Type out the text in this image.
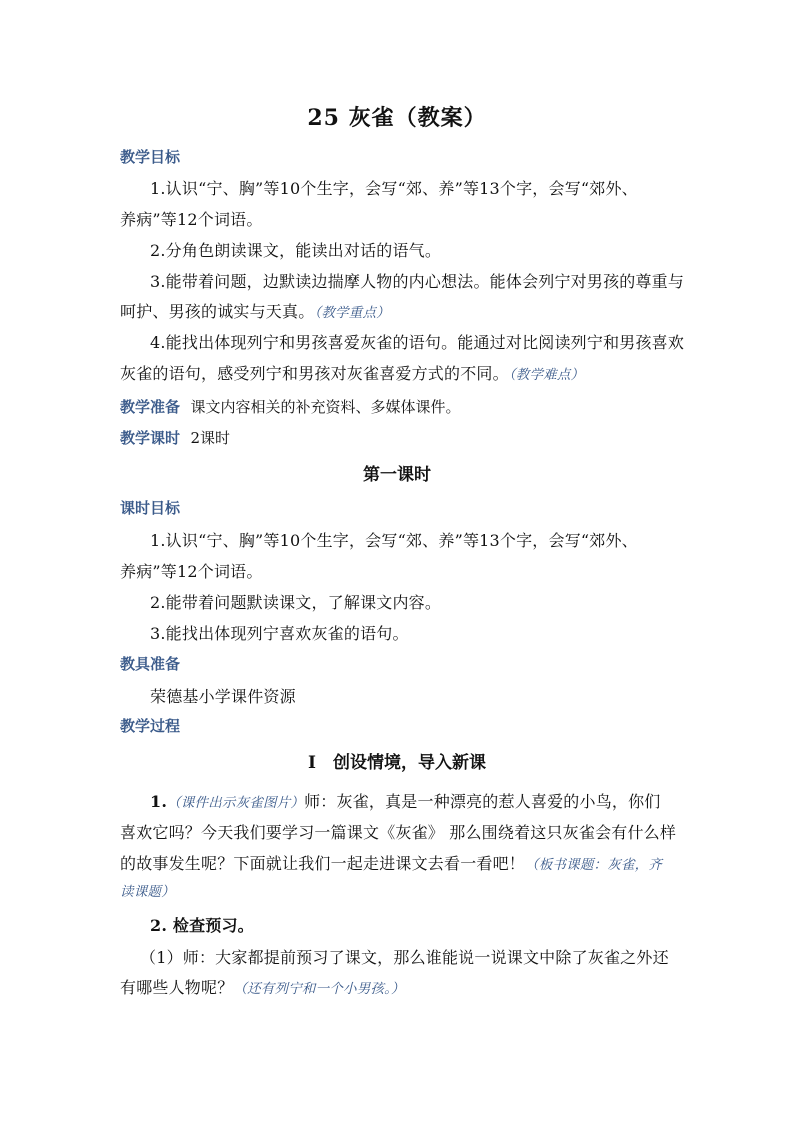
25 灰雀（教案）
教学目标
1.认识“宁、胸”等10个生字，会写“郊、养”等13个字，会写“郊外、
养病”等12个词语。
2.分角色朗读课文，能读出对话的语气。
3.能带着问题，边默读边揣摩人物的内心想法。能体会列宁对男孩的尊重与
呵护、男孩的诚实与天真。（教学重点）
4.能找出体现列宁和男孩喜爱灰雀的语句。能通过对比阅读列宁和男孩喜欢
灰雀的语句，感受列宁和男孩对灰雀喜爱方式的不同。（教学难点）
教学准备 课文内容相关的补充资料、多媒体课件。
教学课时 2课时
第一课时
课时目标
1.认识“宁、胸”等10个生字，会写“郊、养”等13个字，会写“郊外、
养病”等12个词语。
2.能带着问题默读课文，了解课文内容。
3.能找出体现列宁喜欢灰雀的语句。
教具准备
荣德基小学课件资源
教学过程
Ⅰ　创设情境，导入新课
1.（课件出示灰雀图片）师：灰雀，真是一种漂亮的惹人喜爱的小鸟，你们
喜欢它吗？今天我们要学习一篇课文《灰雀》 那么围绕着这只灰雀会有什么样
的故事发生呢？下面就让我们一起走进课文去看一看吧！（板书课题：灰雀，齐
读课题）
2. 检查预习。
（1）师：大家都提前预习了课文，那么谁能说一说课文中除了灰雀之外还
有哪些人物呢？（还有列宁和一个小男孩。）
